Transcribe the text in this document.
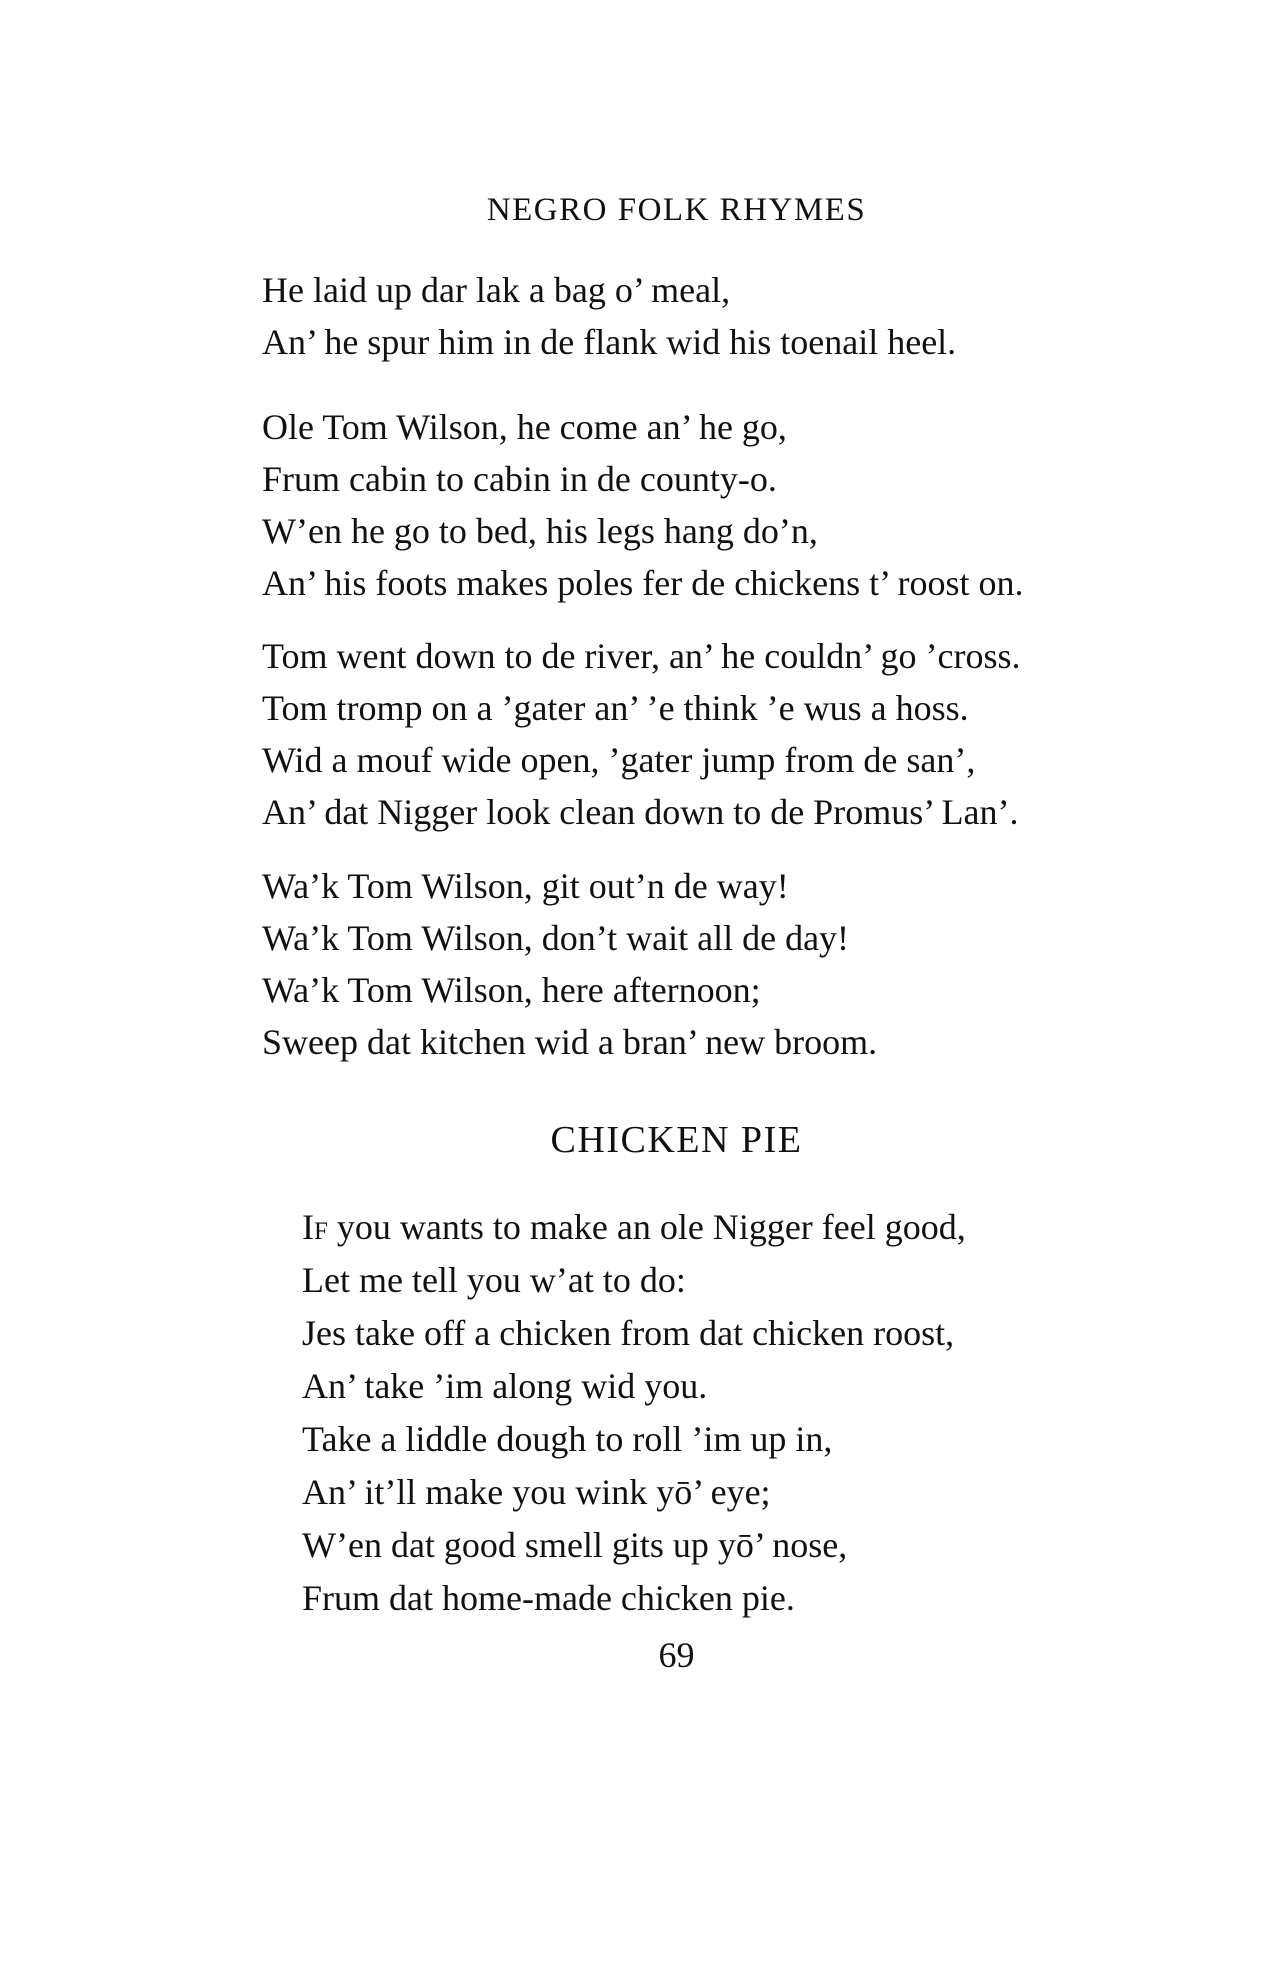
NEGRO FOLK RHYMES
He laid up dar lak a bag o’ meal,
An’ he spur him in de flank wid his toenail heel.
Ole Tom Wilson, he come an’ he go,
Frum cabin to cabin in de county-o.
W’en he go to bed, his legs hang do’n,
An’ his foots makes poles fer de chickens t’ roost on.
Tom went down to de river, an’ he couldn’ go ’cross.
Tom tromp on a ’gater an’ ’e think ’e wus a hoss.
Wid a mouf wide open, ’gater jump from de san’,
An’ dat Nigger look clean down to de Promus’ Lan’.
Wa’k Tom Wilson, git out’n de way!
Wa’k Tom Wilson, don’t wait all de day!
Wa’k Tom Wilson, here afternoon;
Sweep dat kitchen wid a bran’ new broom.
CHICKEN PIE
If you wants to make an ole Nigger feel good,
Let me tell you w’at to do:
Jes take off a chicken from dat chicken roost,
An’ take ’im along wid you.
Take a liddle dough to roll ’im up in,
An’ it’ll make you wink yō’ eye;
W’en dat good smell gits up yō’ nose,
Frum dat home-made chicken pie.
69
